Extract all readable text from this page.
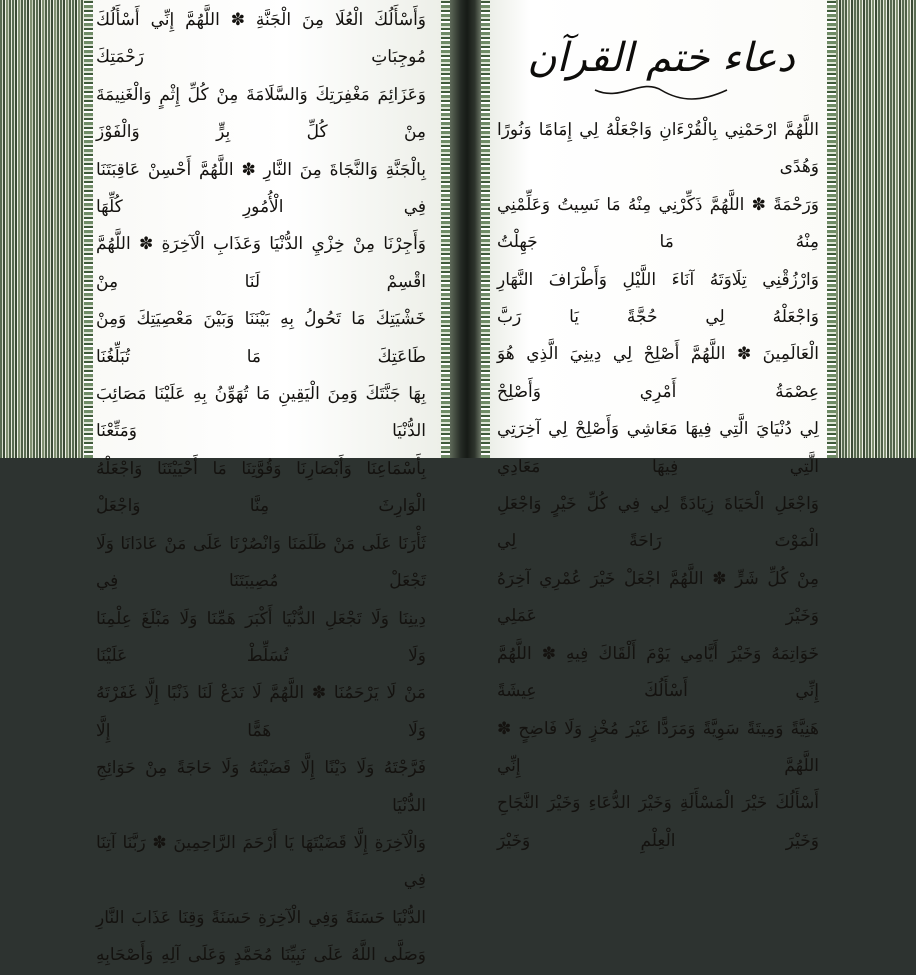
وَأَسْأَلُكَ الْعُلَا مِنَ الْجَنَّةِ ✽ اللَّهُمَّ إِنِّي أَسْأَلُكَ مُوجِبَاتِ رَحْمَتِكَ

وَعَزَائِمَ مَغْفِرَتِكَ وَالسَّلَامَةَ مِنْ كُلِّ إِثْمٍ وَالْغَنِيمَةَ مِنْ كُلِّ بِرٍّ وَالْفَوْزَ

بِالْجَنَّةِ وَالنَّجَاةَ مِنَ النَّارِ ✽ اللَّهُمَّ أَحْسِنْ عَاقِبَتَنَا فِي الْأُمُورِ كُلِّهَا

وَأَجِرْنَا مِنْ خِزْيِ الدُّنْيَا وَعَذَابِ الْآخِرَةِ ✽ اللَّهُمَّ اقْسِمْ لَنَا مِنْ

خَشْيَتِكَ مَا تَحُولُ بِهِ بَيْنَنَا وَبَيْنَ مَعْصِيَتِكَ وَمِنْ طَاعَتِكَ مَا تُبَلِّغُنَا

بِهَا جَنَّتَكَ وَمِنَ الْيَقِينِ مَا تُهَوِّنُ بِهِ عَلَيْنَا مَصَائِبَ الدُّنْيَا وَمَتِّعْنَا

بِأَسْمَاعِنَا وَأَبْصَارِنَا وَقُوَّتِنَا مَا أَحْيَيْتَنَا وَاجْعَلْهُ الْوَارِثَ مِنَّا وَاجْعَلْ

ثَأْرَنَا عَلَى مَنْ ظَلَمَنَا وَانْصُرْنَا عَلَى مَنْ عَادَانَا وَلَا تَجْعَلْ مُصِيبَتَنَا فِي

دِينِنَا وَلَا تَجْعَلِ الدُّنْيَا أَكْبَرَ هَمِّنَا وَلَا مَبْلَغَ عِلْمِنَا وَلَا تُسَلِّطْ عَلَيْنَا

مَنْ لَا يَرْحَمُنَا ✽ اللَّهُمَّ لَا تَدَعْ لَنَا ذَنْبًا إِلَّا غَفَرْتَهُ وَلَا هَمًّا إِلَّا

فَرَّجْتَهُ وَلَا دَيْنًا إِلَّا قَضَيْتَهُ وَلَا حَاجَةً مِنْ حَوَائِجِ الدُّنْيَا

وَالْآخِرَةِ إِلَّا قَضَيْتَهَا يَا أَرْحَمَ الرَّاحِمِينَ ✽ رَبَّنَا آتِنَا فِي

الدُّنْيَا حَسَنَةً وَفِي الْآخِرَةِ حَسَنَةً وَقِنَا عَذَابَ النَّارِ

وَصَلَّى اللَّهُ عَلَى نَبِيِّنَا مُحَمَّدٍ وَعَلَى آلِهِ وَأَصْحَابِهِ

دعاء ختم القرآن

اللَّهُمَّ ارْحَمْنِي بِالْقُرْءَانِ وَاجْعَلْهُ لِي إِمَامًا وَنُورًا وَهُدًى

وَرَحْمَةً ✽ اللَّهُمَّ ذَكِّرْنِي مِنْهُ مَا نَسِيتُ وَعَلِّمْنِي مِنْهُ مَا جَهِلْتُ

وَارْزُقْنِي تِلَاوَتَهُ آنَاءَ اللَّيْلِ وَأَطْرَافَ النَّهَارِ وَاجْعَلْهُ لِي حُجَّةً يَا رَبَّ

الْعَالَمِينَ ✽ اللَّهُمَّ أَصْلِحْ لِي دِينِيَ الَّذِي هُوَ عِصْمَةُ أَمْرِي وَأَصْلِحْ

لِي دُنْيَايَ الَّتِي فِيهَا مَعَاشِي وَأَصْلِحْ لِي آخِرَتِي الَّتِي فِيهَا مَعَادِي

وَاجْعَلِ الْحَيَاةَ زِيَادَةً لِي فِي كُلِّ خَيْرٍ وَاجْعَلِ الْمَوْتَ رَاحَةً لِي

مِنْ كُلِّ شَرٍّ ✽ اللَّهُمَّ اجْعَلْ خَيْرَ عُمْرِي آخِرَهُ وَخَيْرَ عَمَلِي

خَوَاتِمَهُ وَخَيْرَ أَيَّامِي يَوْمَ أَلْقَاكَ فِيهِ ✽ اللَّهُمَّ إِنِّي أَسْأَلُكَ عِيشَةً

هَنِيَّةً وَمِيتَةً سَوِيَّةً وَمَرَدًّا غَيْرَ مُخْزٍ وَلَا فَاضِحٍ ✽ اللَّهُمَّ إِنِّي

أَسْأَلُكَ خَيْرَ الْمَسْأَلَةِ وَخَيْرَ الدُّعَاءِ وَخَيْرَ النَّجَاحِ وَخَيْرَ الْعِلْمِ وَخَيْرَ
